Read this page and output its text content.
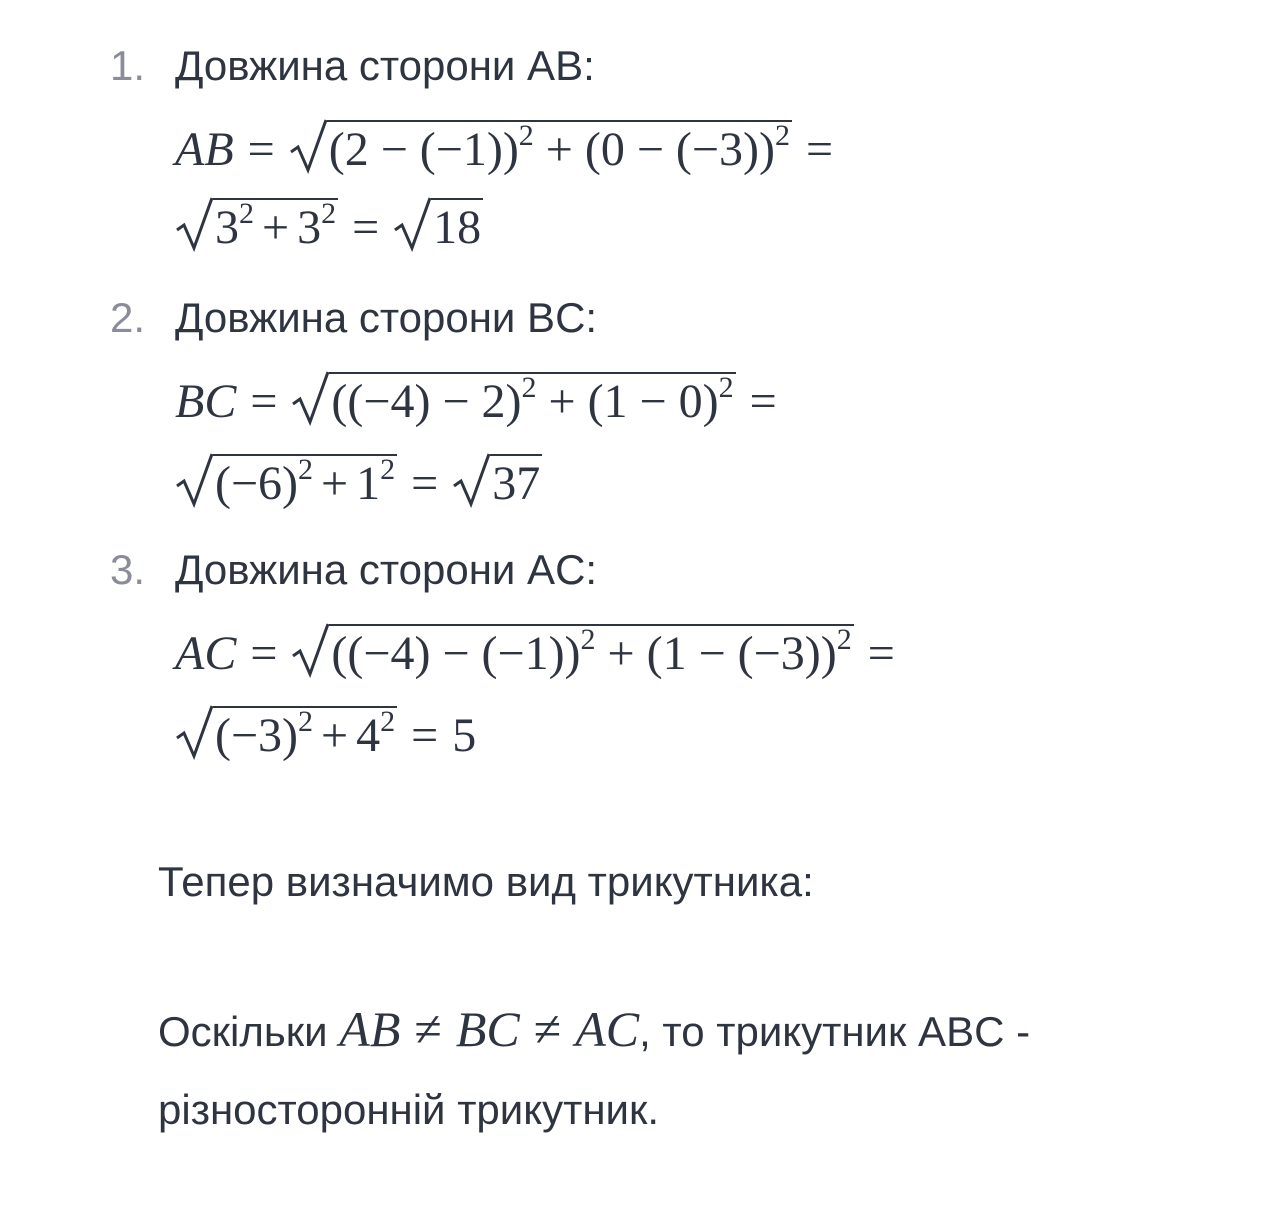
1. Довжина сторони AB:
AB = $(2 - (-1))^2 + (0 - (-3))^2$ =
$3^2 + 3^2 = 18$
2. Довжина сторони BC:
BC = $((-4) - 2)^2 + (1 - 0)^2$ =
$(-6)^2 + 1^2 = 37$
3. Довжина сторони AC:
AC = $((-4) - (-1))^2 + (1 - (-3))^2$ =
$(-3)^2 + 4^2 = 5$
Тепер визначимо вид трикутника:
Оскільки AB ≠ BC ≠ AC, то трикутник ABC -
різносторонній трикутник.
